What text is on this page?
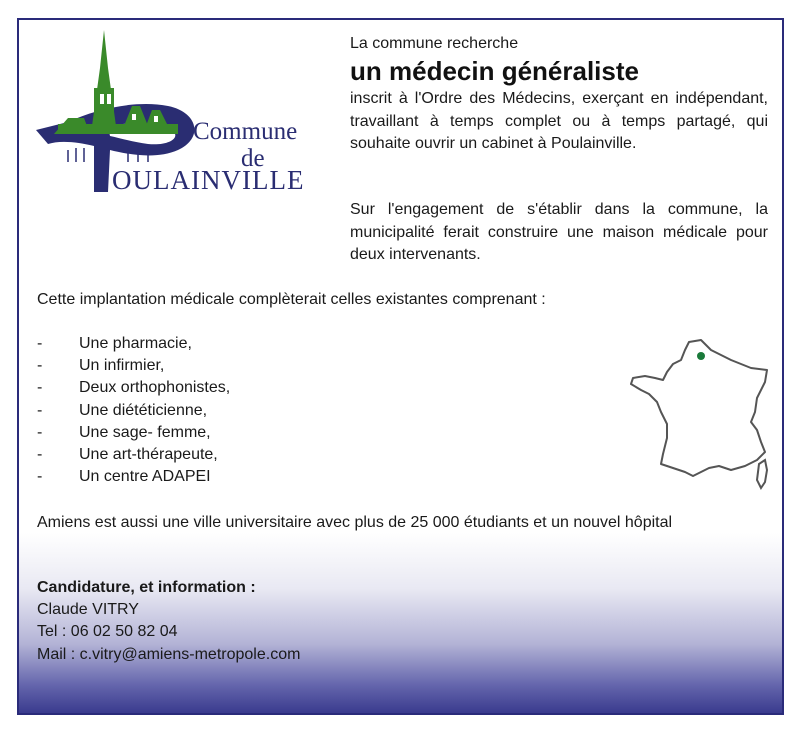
Commune
de
OULAINVILLE
La commune recherche
un médecin généraliste
inscrit à l'Ordre des Médecins, exerçant en indépendant, travaillant à temps complet ou à temps partagé, qui souhaite ouvrir un cabinet à Poulainville.
Sur l'engagement de s'établir dans la commune, la municipalité ferait construire une maison médicale pour deux intervenants.
Cette implantation médicale complèterait celles existantes comprenant :
- Une pharmacie,
- Un infirmier,
- Deux orthophonistes,
- Une diététicienne,
- Une sage- femme,
- Une art-thérapeute,
- Un centre ADAPEI
Amiens est aussi une ville universitaire avec plus de 25 000 étudiants et un nouvel hôpital
Candidature, et information :
Claude VITRY
Tel : 06 02 50 82 04
Mail : c.vitry@amiens-metropole.com
